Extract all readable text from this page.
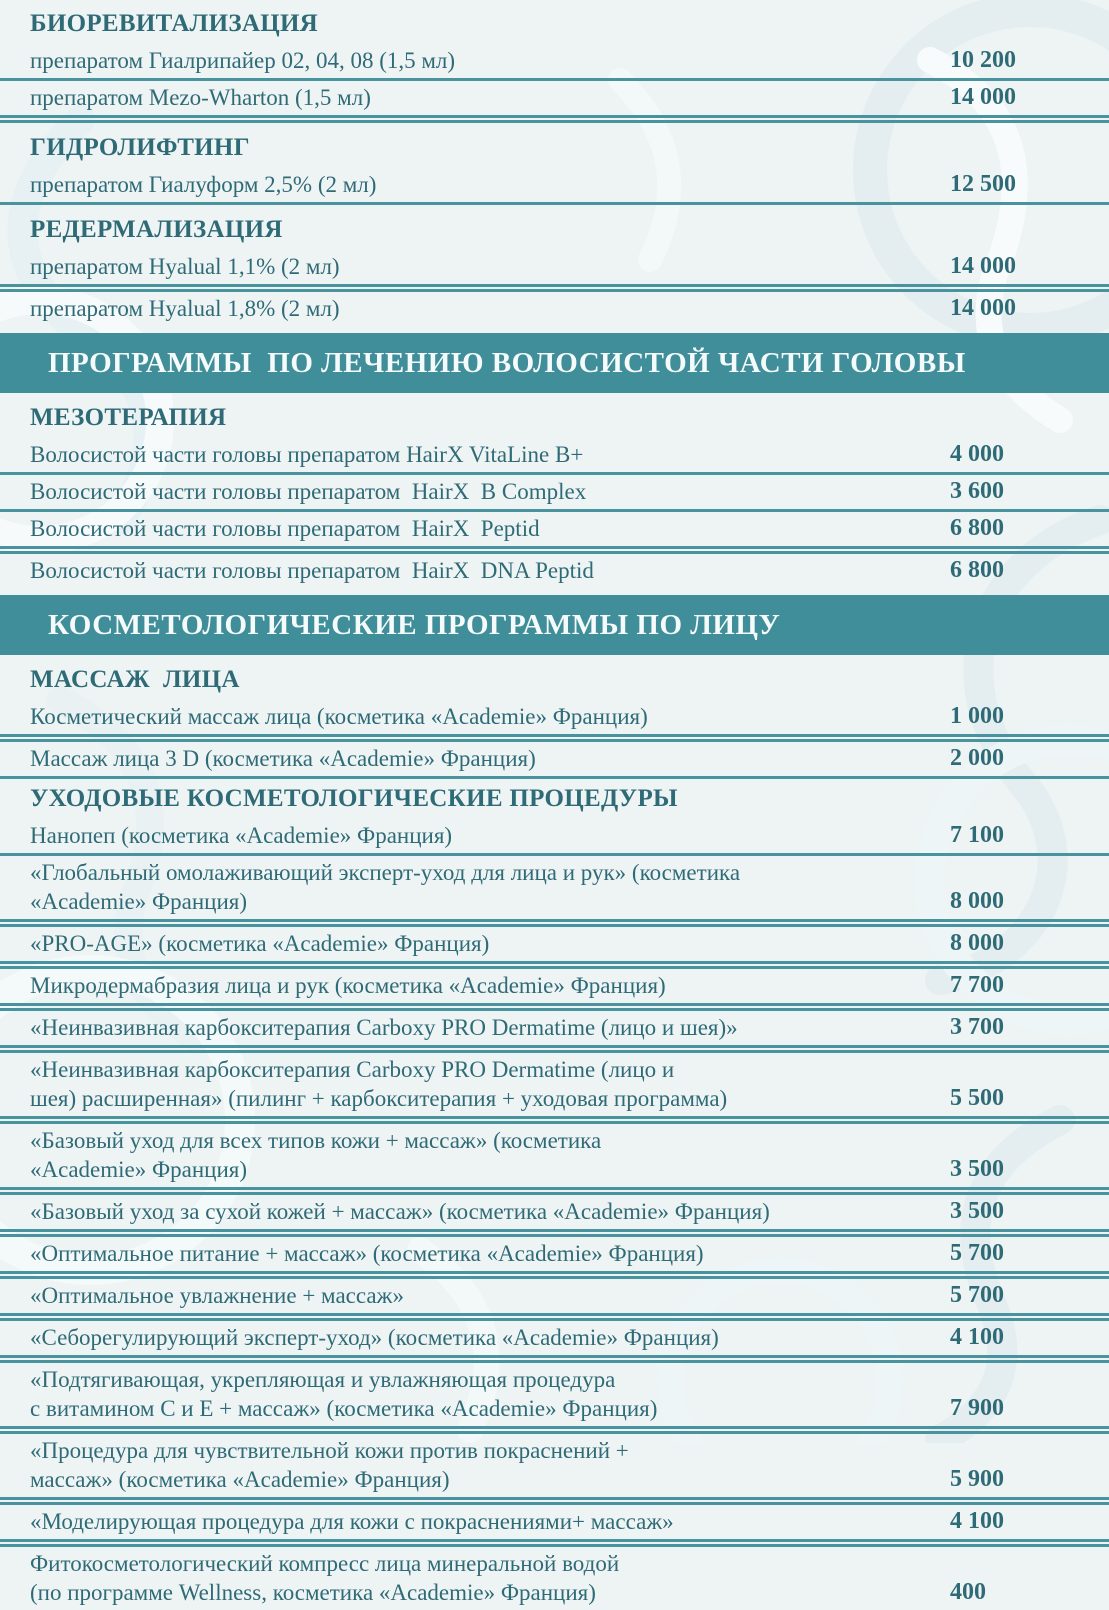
БИОРЕВИТАЛИЗАЦИЯ
препаратом Гиалрипайер 02, 04, 08 (1,5 мл)	10 200
препаратом Mezo-Wharton (1,5 мл)	14 000
ГИДРОЛИФТИНГ
препаратом Гиалуформ 2,5% (2 мл)	12 500
РЕДЕРМАЛИЗАЦИЯ
препаратом Hyalual 1,1% (2 мл)	14 000
препаратом Hyalual 1,8% (2 мл)	14 000
ПРОГРАММЫ  ПО ЛЕЧЕНИЮ ВОЛОСИСТОЙ ЧАСТИ ГОЛОВЫ
МЕЗОТЕРАПИЯ
Волосистой части головы препаратом HairX VitaLine B+	4 000
Волосистой части головы препаратом  HairX  B Complex	3 600
Волосистой части головы препаратом  HairX  Peptid	6 800
Волосистой части головы препаратом  HairX  DNA Peptid	6 800
КОСМЕТОЛОГИЧЕСКИЕ ПРОГРАММЫ ПО ЛИЦУ
МАССАЖ  ЛИЦА
Косметический массаж лица (косметика «Academie» Франция)	1 000
Массаж лица 3 D (косметика «Academie» Франция)	2 000
УХОДОВЫЕ КОСМЕТОЛОГИЧЕСКИЕ ПРОЦЕДУРЫ
Нанопеп (косметика «Academie» Франция)	7 100
«Глобальный омолаживающий эксперт-уход для лица и рук» (косметика
«Academie» Франция)	8 000
«PRO-AGE» (косметика «Academie» Франция)	8 000
Микродермабразия лица и рук (косметика «Academie» Франция)	7 700
«Неинвазивная карбокситерапия Carboxy PRO Dermatime (лицо и шея)»	3 700
«Неинвазивная карбокситерапия Carboxy PRO Dermatime (лицо и
шея) расширенная» (пилинг + карбокситерапия + уходовая программа)	5 500
«Базовый уход для всех типов кожи + массаж» (косметика
«Academie» Франция)	3 500
«Базовый уход за сухой кожей + массаж» (косметика «Academie» Франция)	3 500
«Оптимальное питание + массаж» (косметика «Academie» Франция)	5 700
«Оптимальное увлажнение + массаж»	5 700
«Себорегулирующий эксперт-уход» (косметика «Academie» Франция)	4 100
«Подтягивающая, укрепляющая и увлажняющая процедура
с витамином С и Е + массаж» (косметика «Academie» Франция)	7 900
«Процедура для чувствительной кожи против покраснений +
массаж» (косметика «Academie» Франция)	5 900
«Моделирующая процедура для кожи с покраснениями+ массаж»	4 100
Фитокосметологический компресс лица минеральной водой
(по программе Wellness, косметика «Academie» Франция)	400
